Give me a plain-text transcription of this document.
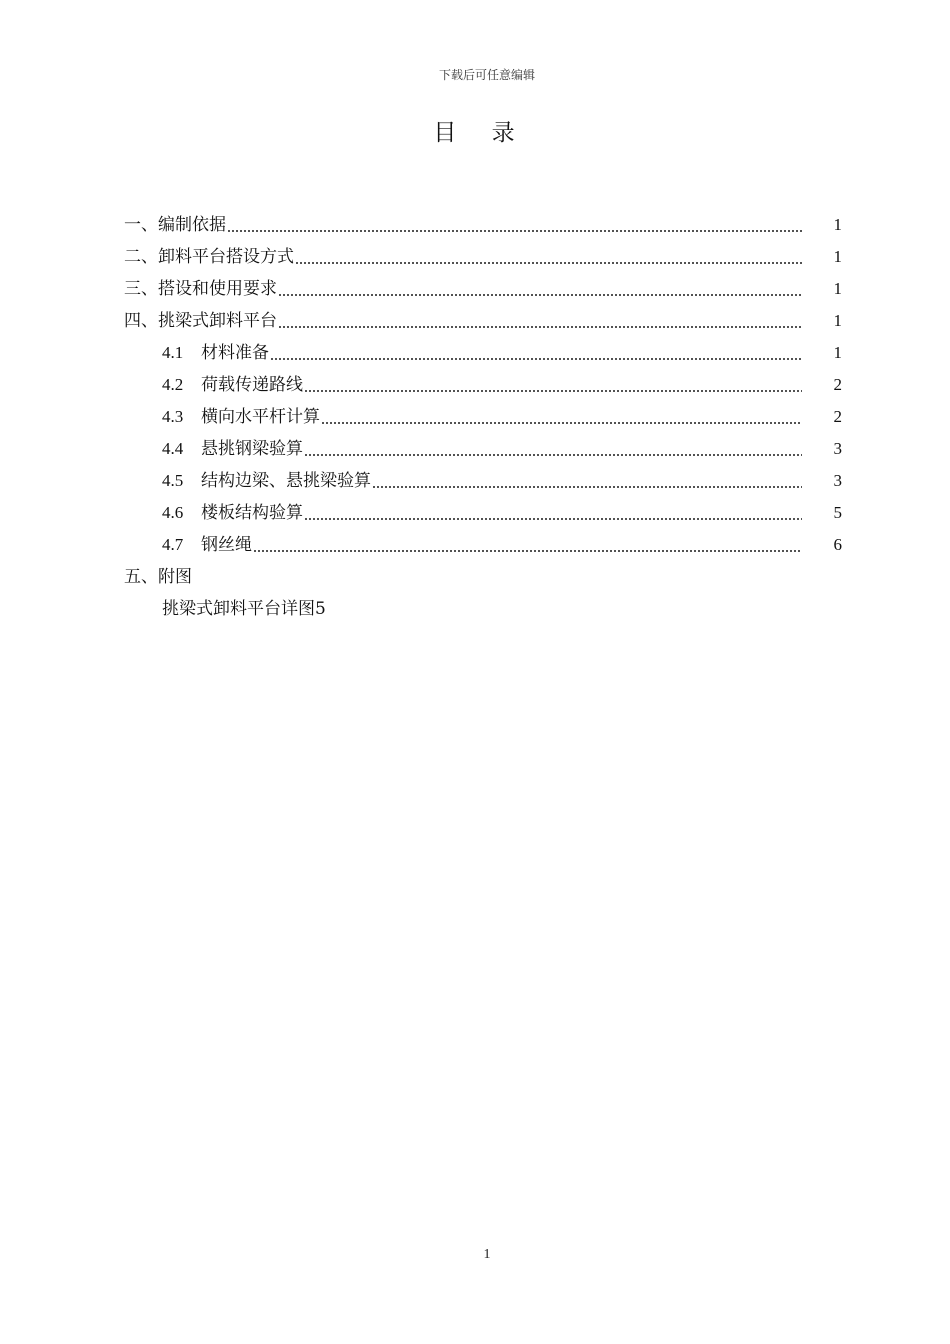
下载后可任意编辑
目 录
一、编制依据	1
二、卸料平台搭设方式	1
三、搭设和使用要求	1
四、挑梁式卸料平台	1
4.1	材料准备	1
4.2	荷载传递路线	2
4.3	横向水平杆计算	2
4.4	悬挑钢梁验算	3
4.5	结构边梁、悬挑梁验算	3
4.6	楼板结构验算	5
4.7	钢丝绳	6
五、附图
挑梁式卸料平台详图5
1
